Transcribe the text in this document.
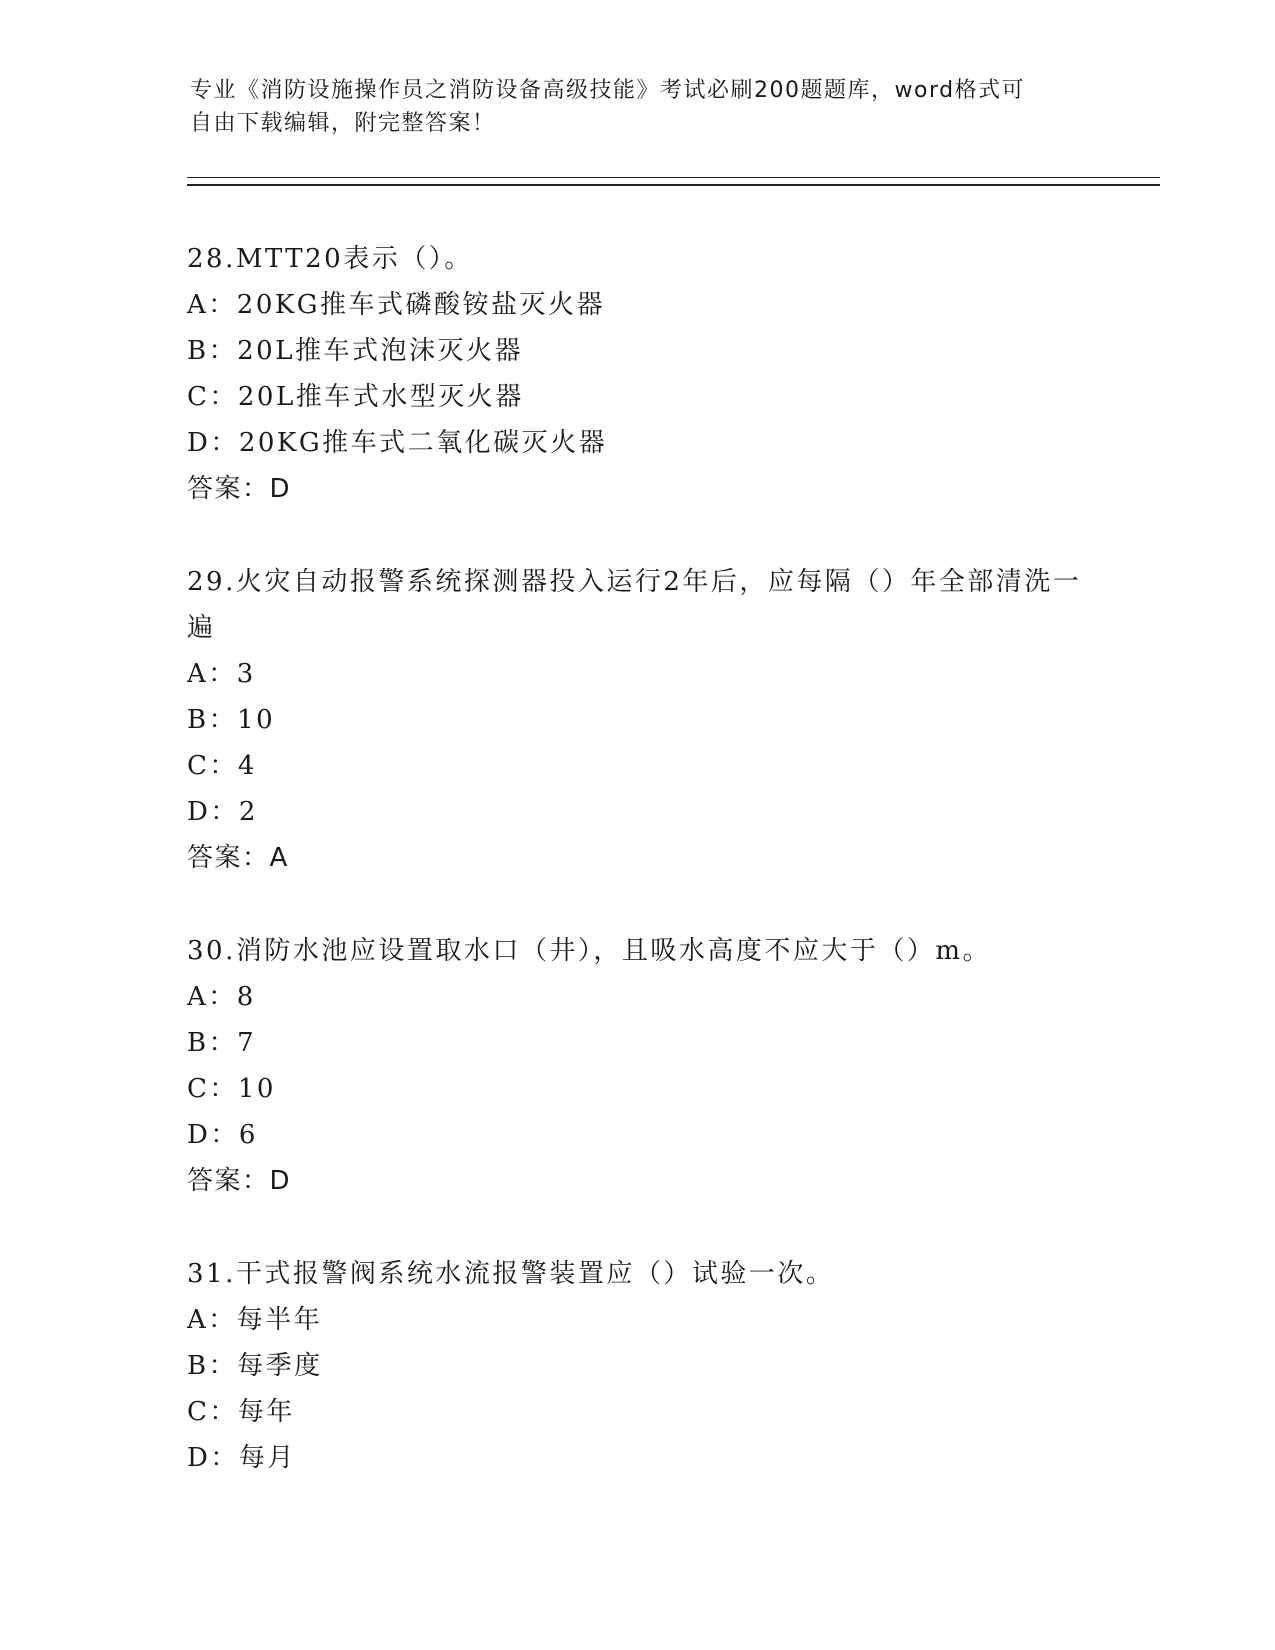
专业《消防设施操作员之消防设备高级技能》考试必刷200题题库，word格式可
自由下载编辑，附完整答案！
28.MTT20表示（）。
A：20KG推车式磷酸铵盐灭火器
B：20L推车式泡沫灭火器
C：20L推车式水型灭火器
D：20KG推车式二氧化碳灭火器
答案：D
29.火灾自动报警系统探测器投入运行2年后，应每隔（）年全部清洗一遍
A：3
B：10
C：4
D：2
答案：A
30.消防水池应设置取水口（井），且吸水高度不应大于（）m。
A：8
B：7
C：10
D：6
答案：D
31.干式报警阀系统水流报警装置应（）试验一次。
A：每半年
B：每季度
C：每年
D：每月
